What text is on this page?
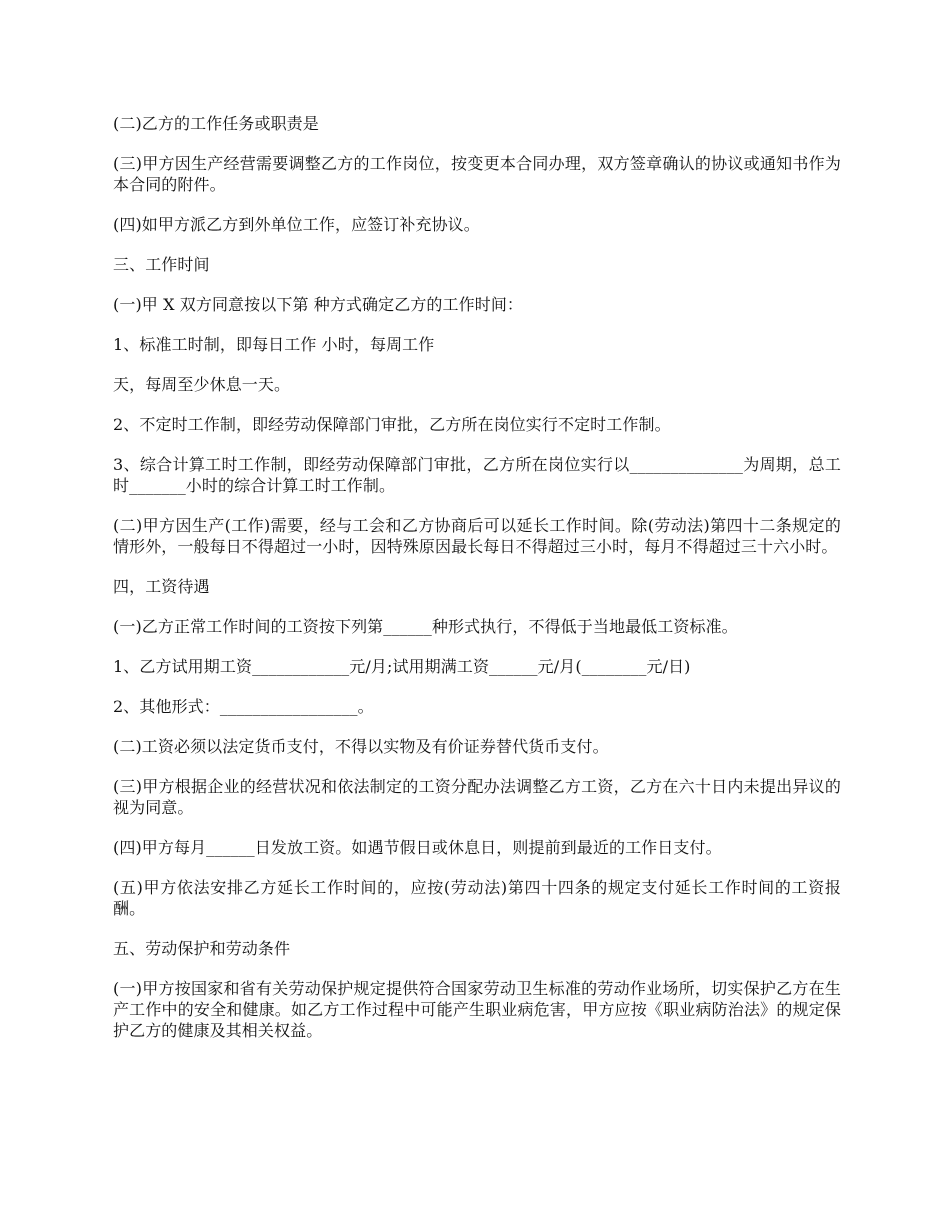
(二)乙方的工作任务或职责是

(三)甲方因生产经营需要调整乙方的工作岗位，按变更本合同办理，双方签章确认的协议或通知书作为本合同的附件。

(四)如甲方派乙方到外单位工作，应签订补充协议。

三、工作时间

(一)甲 X 双方同意按以下第 种方式确定乙方的工作时间：

1、标准工时制，即每日工作 小时，每周工作

天，每周至少休息一天。

2、不定时工作制，即经劳动保障部门审批，乙方所在岗位实行不定时工作制。

3、综合计算工时工作制，即经劳动保障部门审批，乙方所在岗位实行以______________为周期，总工时_______小时的综合计算工时工作制。

(二)甲方因生产(工作)需要，经与工会和乙方协商后可以延长工作时间。除(劳动法)第四十二条规定的情形外，一般每日不得超过一小时，因特殊原因最长每日不得超过三小时，每月不得超过三十六小时。

四，工资待遇

(一)乙方正常工作时间的工资按下列第______种形式执行，不得低于当地最低工资标准。

1、乙方试用期工资____________元/月;试用期满工资______元/月(________元/日)

2、其他形式：_________________。

(二)工资必须以法定货币支付，不得以实物及有价证券替代货币支付。

(三)甲方根据企业的经营状况和依法制定的工资分配办法调整乙方工资，乙方在六十日内未提出异议的视为同意。

(四)甲方每月______日发放工资。如遇节假日或休息日，则提前到最近的工作日支付。

(五)甲方依法安排乙方延长工作时间的，应按(劳动法)第四十四条的规定支付延长工作时间的工资报酬。

五、劳动保护和劳动条件

(一)甲方按国家和省有关劳动保护规定提供符合国家劳动卫生标准的劳动作业场所，切实保护乙方在生产工作中的安全和健康。如乙方工作过程中可能产生职业病危害，甲方应按《职业病防治法》的规定保护乙方的健康及其相关权益。
